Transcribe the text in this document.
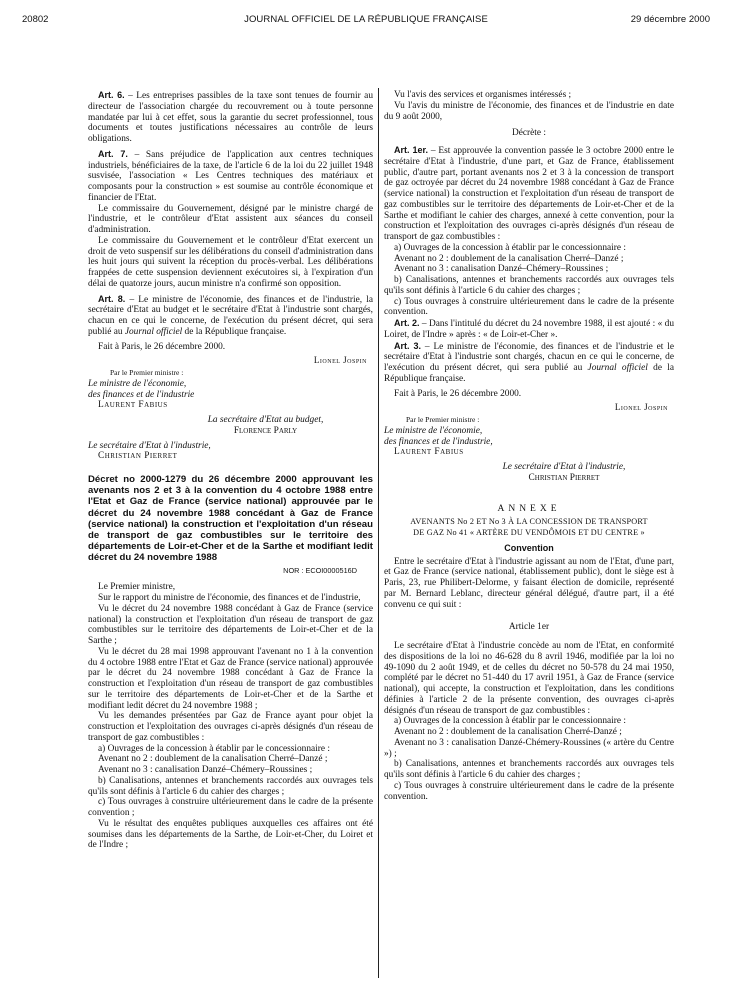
20802	JOURNAL OFFICIEL DE LA RÉPUBLIQUE FRANÇAISE	29 décembre 2000

Art. 6. – Les entreprises passibles de la taxe sont tenues de fournir au directeur de l'association chargée du recouvrement ou à toute personne mandatée par lui à cet effet, sous la garantie du secret professionnel, tous documents et toutes justifications nécessaires au contrôle de leurs obligations.

Art. 7. – Sans préjudice de l'application aux centres techniques industriels, bénéficiaires de la taxe, de l'article 6 de la loi du 22 juillet 1948 susvisée, l'association « Les Centres techniques des matériaux et composants pour la construction » est soumise au contrôle économique et financier de l'Etat.

Le commissaire du Gouvernement, désigné par le ministre chargé de l'industrie, et le contrôleur d'Etat assistent aux séances du conseil d'administration.

Le commissaire du Gouvernement et le contrôleur d'Etat exercent un droit de veto suspensif sur les délibérations du conseil d'administration dans les huit jours qui suivent la réception du procès-verbal. Les délibérations frappées de cette suspension deviennent exécutoires si, à l'expiration d'un délai de quatorze jours, aucun ministre n'a confirmé son opposition.

Art. 8. – Le ministre de l'économie, des finances et de l'industrie, la secrétaire d'Etat au budget et le secrétaire d'Etat à l'industrie sont chargés, chacun en ce qui le concerne, de l'exécution du présent décret, qui sera publié au Journal officiel de la République française.

Fait à Paris, le 26 décembre 2000.

Lionel Jospin

Par le Premier ministre :

Le ministre de l'économie,

des finances et de l'industrie

Laurent Fabius

La secrétaire d'Etat au budget,

Florence Parly

Le secrétaire d'Etat à l'industrie,

Christian Pierret

Décret no 2000-1279 du 26 décembre 2000 approuvant les avenants nos 2 et 3 à la convention du 4 octobre 1988 entre l'Etat et Gaz de France (service national) approuvée par le décret du 24 novembre 1988 concédant à Gaz de France (service national) la construction et l'exploitation d'un réseau de transport de gaz combustibles sur le territoire des départements de Loir-et-Cher et de la Sarthe et modifiant ledit décret du 24 novembre 1988

NOR : ECOI0000516D

Le Premier ministre,

Sur le rapport du ministre de l'économie, des finances et de l'industrie,

Vu le décret du 24 novembre 1988 concédant à Gaz de France (service national) la construction et l'exploitation d'un réseau de transport de gaz combustibles sur le territoire des départements de Loir-et-Cher et de la Sarthe ;

Vu le décret du 28 mai 1998 approuvant l'avenant no 1 à la convention du 4 octobre 1988 entre l'Etat et Gaz de France (service national) approuvée par le décret du 24 novembre 1988 concédant à Gaz de France la construction et l'exploitation d'un réseau de transport de gaz combustibles sur le territoire des départements de Loir-et-Cher et de la Sarthe et modifiant ledit décret du 24 novembre 1988 ;

Vu les demandes présentées par Gaz de France ayant pour objet la construction et l'exploitation des ouvrages ci-après désignés d'un réseau de transport de gaz combustibles :

a) Ouvrages de la concession à établir par le concessionnaire :

Avenant no 2 : doublement de la canalisation Cherré–Danzé ;

Avenant no 3 : canalisation Danzé–Chémery–Roussines ;

b) Canalisations, antennes et branchements raccordés aux ouvrages tels qu'ils sont définis à l'article 6 du cahier des charges ;

c) Tous ouvrages à construire ultérieurement dans le cadre de la présente convention ;

Vu le résultat des enquêtes publiques auxquelles ces affaires ont été soumises dans les départements de la Sarthe, de Loir-et-Cher, du Loiret et de l'Indre ;

Vu l'avis des services et organismes intéressés ;

Vu l'avis du ministre de l'économie, des finances et de l'industrie en date du 9 août 2000,

Décrète :

Art. 1er. – Est approuvée la convention passée le 3 octobre 2000 entre le secrétaire d'Etat à l'industrie, d'une part, et Gaz de France, établissement public, d'autre part, portant avenants nos 2 et 3 à la concession de transport de gaz octroyée par décret du 24 novembre 1988 concédant à Gaz de France (service national) la construction et l'exploitation d'un réseau de transport de gaz combustibles sur le territoire des départements de Loir-et-Cher et de la Sarthe et modifiant le cahier des charges, annexé à cette convention, pour la construction et l'exploitation des ouvrages ci-après désignés d'un réseau de transport de gaz combustibles :

a) Ouvrages de la concession à établir par le concessionnaire :

Avenant no 2 : doublement de la canalisation Cherré–Danzé ;

Avenant no 3 : canalisation Danzé–Chémery–Roussines ;

b) Canalisations, antennes et branchements raccordés aux ouvrages tels qu'ils sont définis à l'article 6 du cahier des charges ;

c) Tous ouvrages à construire ultérieurement dans le cadre de la présente convention.

Art. 2. – Dans l'intitulé du décret du 24 novembre 1988, il est ajouté : « du Loiret, de l'Indre » après : « de Loir-et-Cher ».

Art. 3. – Le ministre de l'économie, des finances et de l'industrie et le secrétaire d'Etat à l'industrie sont chargés, chacun en ce qui le concerne, de l'exécution du présent décret, qui sera publié au Journal officiel de la République française.

Fait à Paris, le 26 décembre 2000.

Lionel Jospin

Par le Premier ministre :

Le ministre de l'économie,

des finances et de l'industrie,

Laurent Fabius

Le secrétaire d'Etat à l'industrie,

Christian Pierret

ANNEXE

AVENANTS No 2 ET No 3 À LA CONCESSION DE TRANSPORT

DE GAZ No 41 « ARTÈRE DU VENDÔMOIS ET DU CENTRE »

Convention

Entre le secrétaire d'Etat à l'industrie agissant au nom de l'Etat, d'une part, et Gaz de France (service national, établissement public), dont le siège est à Paris, 23, rue Philibert-Delorme, y faisant élection de domicile, représenté par M. Bernard Leblanc, directeur général délégué, d'autre part, il a été convenu ce qui suit :

Article 1er

Le secrétaire d'Etat à l'industrie concède au nom de l'Etat, en conformité des dispositions de la loi no 46-628 du 8 avril 1946, modifiée par la loi no 49-1090 du 2 août 1949, et de celles du décret no 50-578 du 24 mai 1950, complété par le décret no 51-440 du 17 avril 1951, à Gaz de France (service national), qui accepte, la construction et l'exploitation, dans les conditions définies à l'article 2 de la présente convention, des ouvrages ci-après désignés d'un réseau de transport de gaz combustibles :

a) Ouvrages de la concession à établir par le concessionnaire :

Avenant no 2 : doublement de la canalisation Cherré-Danzé ;

Avenant no 3 : canalisation Danzé-Chémery-Roussines (« artère du Centre ») ;

b) Canalisations, antennes et branchements raccordés aux ouvrages tels qu'ils sont définis à l'article 6 du cahier des charges ;

c) Tous ouvrages à construire ultérieurement dans le cadre de la présente convention.
